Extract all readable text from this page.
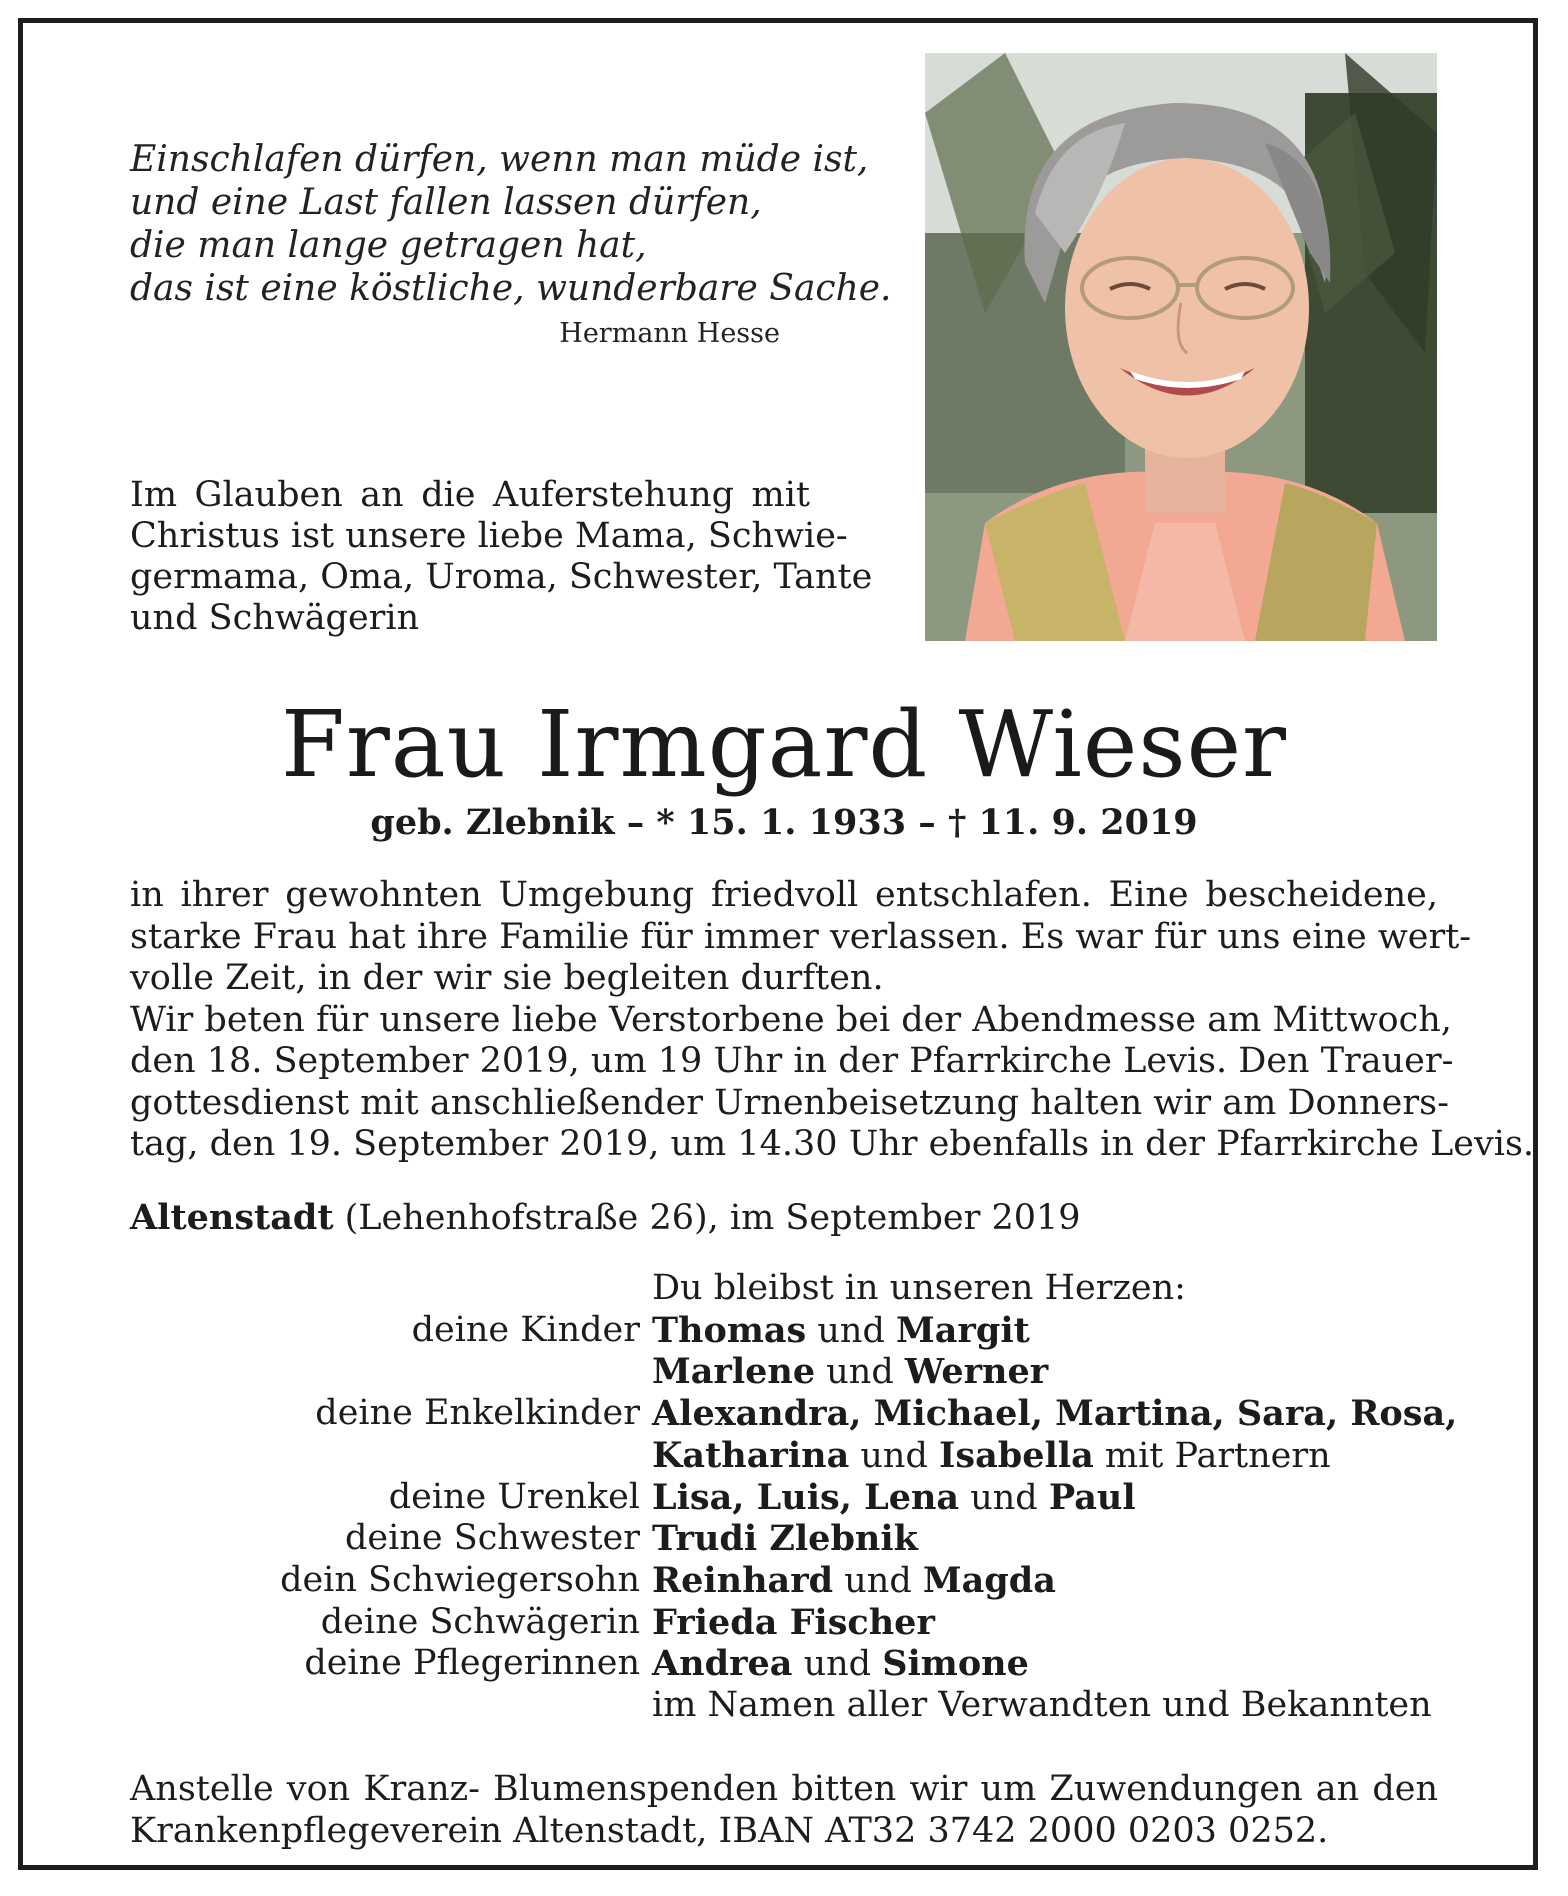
Einschlafen dürfen, wenn man müde ist,
und eine Last fallen lassen dürfen,
die man lange getragen hat,
das ist eine köstliche, wunderbare Sache.
Hermann Hesse
Im Glauben an die Auferstehung mit
Christus ist unsere liebe Mama, Schwie-
germama, Oma, Uroma, Schwester, Tante
und Schwägerin
Frau Irmgard Wieser
geb. Zlebnik – * 15. 1. 1933 – † 11. 9. 2019
in ihrer gewohnten Umgebung friedvoll entschlafen. Eine bescheidene,
starke Frau hat ihre Familie für immer verlassen. Es war für uns eine wert-
volle Zeit, in der wir sie begleiten durften.
Wir beten für unsere liebe Verstorbene bei der Abendmesse am Mittwoch,
den 18. September 2019, um 19 Uhr in der Pfarrkirche Levis. Den Trauer-
gottesdienst mit anschließender Urnenbeisetzung halten wir am Donners-
tag, den 19. September 2019, um 14.30 Uhr ebenfalls in der Pfarrkirche Levis.
Altenstadt (Lehenhofstraße 26), im September 2019
Du bleibst in unseren Herzen:
deine Kinder Thomas und Margit
Marlene und Werner
deine Enkelkinder Alexandra, Michael, Martina, Sara, Rosa,
Katharina und Isabella mit Partnern
deine Urenkel Lisa, Luis, Lena und Paul
deine Schwester Trudi Zlebnik
dein Schwiegersohn Reinhard und Magda
deine Schwägerin Frieda Fischer
deine Pflegerinnen Andrea und Simone
im Namen aller Verwandten und Bekannten
Anstelle von Kranz- Blumenspenden bitten wir um Zuwendungen an den
Krankenpflegeverein Altenstadt, IBAN AT32 3742 2000 0203 0252.
